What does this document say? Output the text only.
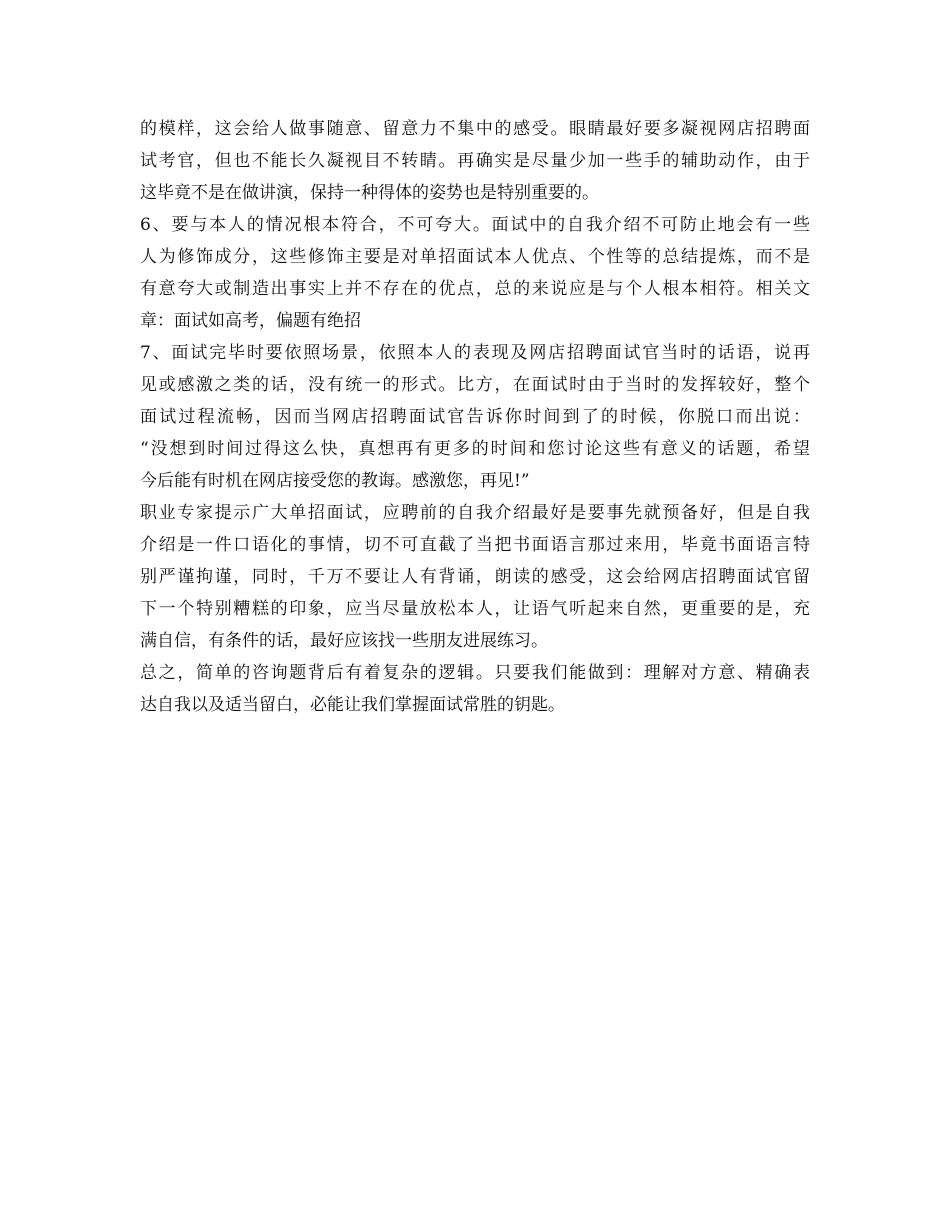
的模样，这会给人做事随意、留意力不集中的感受。眼睛最好要多凝视网店招聘面
试考官，但也不能长久凝视目不转睛。再确实是尽量少加一些手的辅助动作，由于
这毕竟不是在做讲演，保持一种得体的姿势也是特别重要的。
6、要与本人的情况根本符合，不可夸大。面试中的自我介绍不可防止地会有一些
人为修饰成分，这些修饰主要是对单招面试本人优点、个性等的总结提炼，而不是
有意夸大或制造出事实上并不存在的优点，总的来说应是与个人根本相符。相关文
章：面试如高考，偏题有绝招
7、面试完毕时要依照场景，依照本人的表现及网店招聘面试官当时的话语，说再
见或感激之类的话，没有统一的形式。比方，在面试时由于当时的发挥较好，整个
面试过程流畅，因而当网店招聘面试官告诉你时间到了的时候，你脱口而出说：
“没想到时间过得这么快，真想再有更多的时间和您讨论这些有意义的话题，希望
今后能有时机在网店接受您的教诲。感激您，再见!”
职业专家提示广大单招面试，应聘前的自我介绍最好是要事先就预备好，但是自我
介绍是一件口语化的事情，切不可直截了当把书面语言那过来用，毕竟书面语言特
别严谨拘谨，同时，千万不要让人有背诵，朗读的感受，这会给网店招聘面试官留
下一个特别糟糕的印象，应当尽量放松本人，让语气听起来自然，更重要的是，充
满自信，有条件的话，最好应该找一些朋友进展练习。
总之，简单的咨询题背后有着复杂的逻辑。只要我们能做到：理解对方意、精确表
达自我以及适当留白，必能让我们掌握面试常胜的钥匙。
